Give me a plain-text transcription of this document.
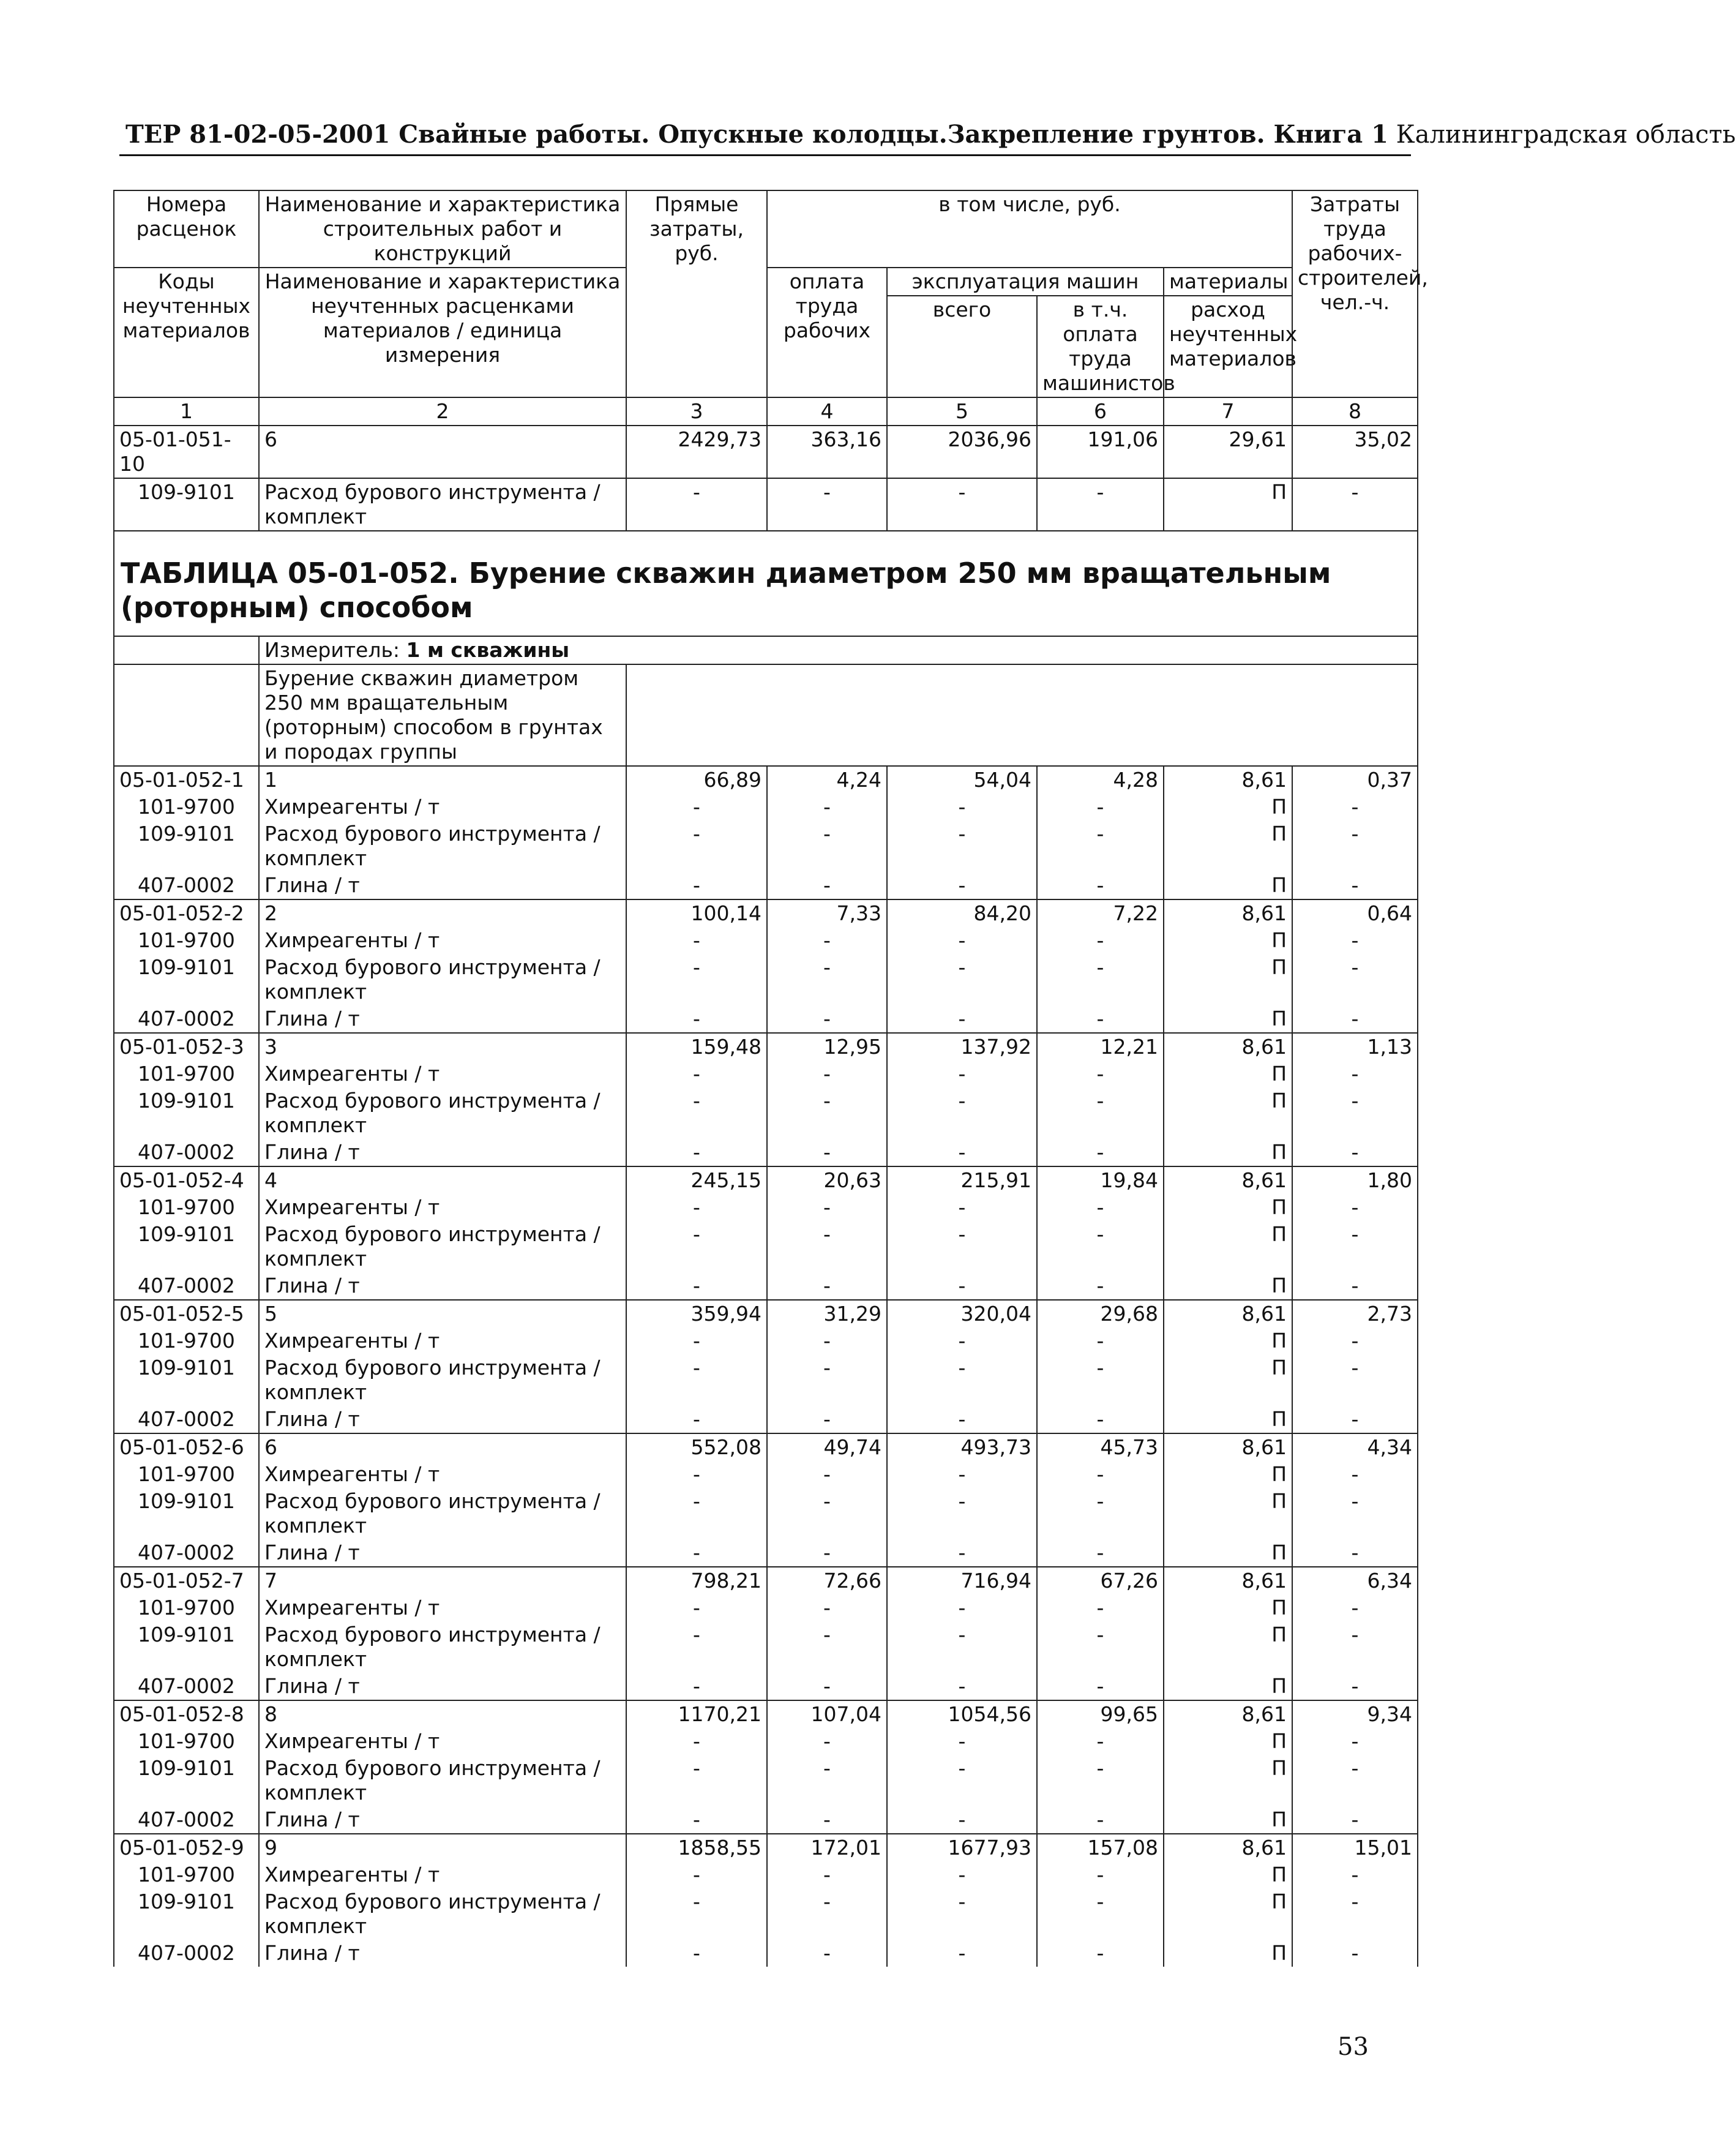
ТЕР 81-02-05-2001 Свайные работы. Опускные колодцы.Закрепление грунтов. Книга 1 Калининградская область
Номера расценок	Наименование и характеристика строительных работ и конструкций	Прямые затраты, руб.	в том числе, руб.				Затраты труда рабочих-строителей, чел.-ч.
Коды неучтенных материалов	Наименование и характеристика неучтенных расценками материалов / единица измерения		оплата труда рабочих	эксплуатация машин		материалы	
				всего	в т.ч. оплата труда машинистов	расход неучтенных материалов	
1	2	3	4	5	6	7	8
05-01-051-10	6	2429,73	363,16	2036,96	191,06	29,61	35,02
109-9101	Расход бурового инструмента / комплект	-	-	-	-	П	-
ТАБЛИЦА 05-01-052. Бурение скважин диаметром 250 мм вращательным (роторным) способом							
	Измеритель: 1 м скважины						
	Бурение скважин диаметром 250 мм вращательным (роторным) способом в грунтах и породах группы						
05-01-052-1	1	66,89	4,24	54,04	4,28	8,61	0,37
101-9700	Химреагенты / т	-	-	-	-	П	-
109-9101	Расход бурового инструмента / комплект	-	-	-	-	П	-
407-0002	Глина / т	-	-	-	-	П	-
05-01-052-2	2	100,14	7,33	84,20	7,22	8,61	0,64
101-9700	Химреагенты / т	-	-	-	-	П	-
109-9101	Расход бурового инструмента / комплект	-	-	-	-	П	-
407-0002	Глина / т	-	-	-	-	П	-
05-01-052-3	3	159,48	12,95	137,92	12,21	8,61	1,13
101-9700	Химреагенты / т	-	-	-	-	П	-
109-9101	Расход бурового инструмента / комплект	-	-	-	-	П	-
407-0002	Глина / т	-	-	-	-	П	-
05-01-052-4	4	245,15	20,63	215,91	19,84	8,61	1,80
101-9700	Химреагенты / т	-	-	-	-	П	-
109-9101	Расход бурового инструмента / комплект	-	-	-	-	П	-
407-0002	Глина / т	-	-	-	-	П	-
05-01-052-5	5	359,94	31,29	320,04	29,68	8,61	2,73
101-9700	Химреагенты / т	-	-	-	-	П	-
109-9101	Расход бурового инструмента / комплект	-	-	-	-	П	-
407-0002	Глина / т	-	-	-	-	П	-
05-01-052-6	6	552,08	49,74	493,73	45,73	8,61	4,34
101-9700	Химреагенты / т	-	-	-	-	П	-
109-9101	Расход бурового инструмента / комплект	-	-	-	-	П	-
407-0002	Глина / т	-	-	-	-	П	-
05-01-052-7	7	798,21	72,66	716,94	67,26	8,61	6,34
101-9700	Химреагенты / т	-	-	-	-	П	-
109-9101	Расход бурового инструмента / комплект	-	-	-	-	П	-
407-0002	Глина / т	-	-	-	-	П	-
05-01-052-8	8	1170,21	107,04	1054,56	99,65	8,61	9,34
101-9700	Химреагенты / т	-	-	-	-	П	-
109-9101	Расход бурового инструмента / комплект	-	-	-	-	П	-
407-0002	Глина / т	-	-	-	-	П	-
05-01-052-9	9	1858,55	172,01	1677,93	157,08	8,61	15,01
101-9700	Химреагенты / т	-	-	-	-	П	-
109-9101	Расход бурового инструмента / комплект	-	-	-	-	П	-
407-0002	Глина / т	-	-	-	-	П	-
53
